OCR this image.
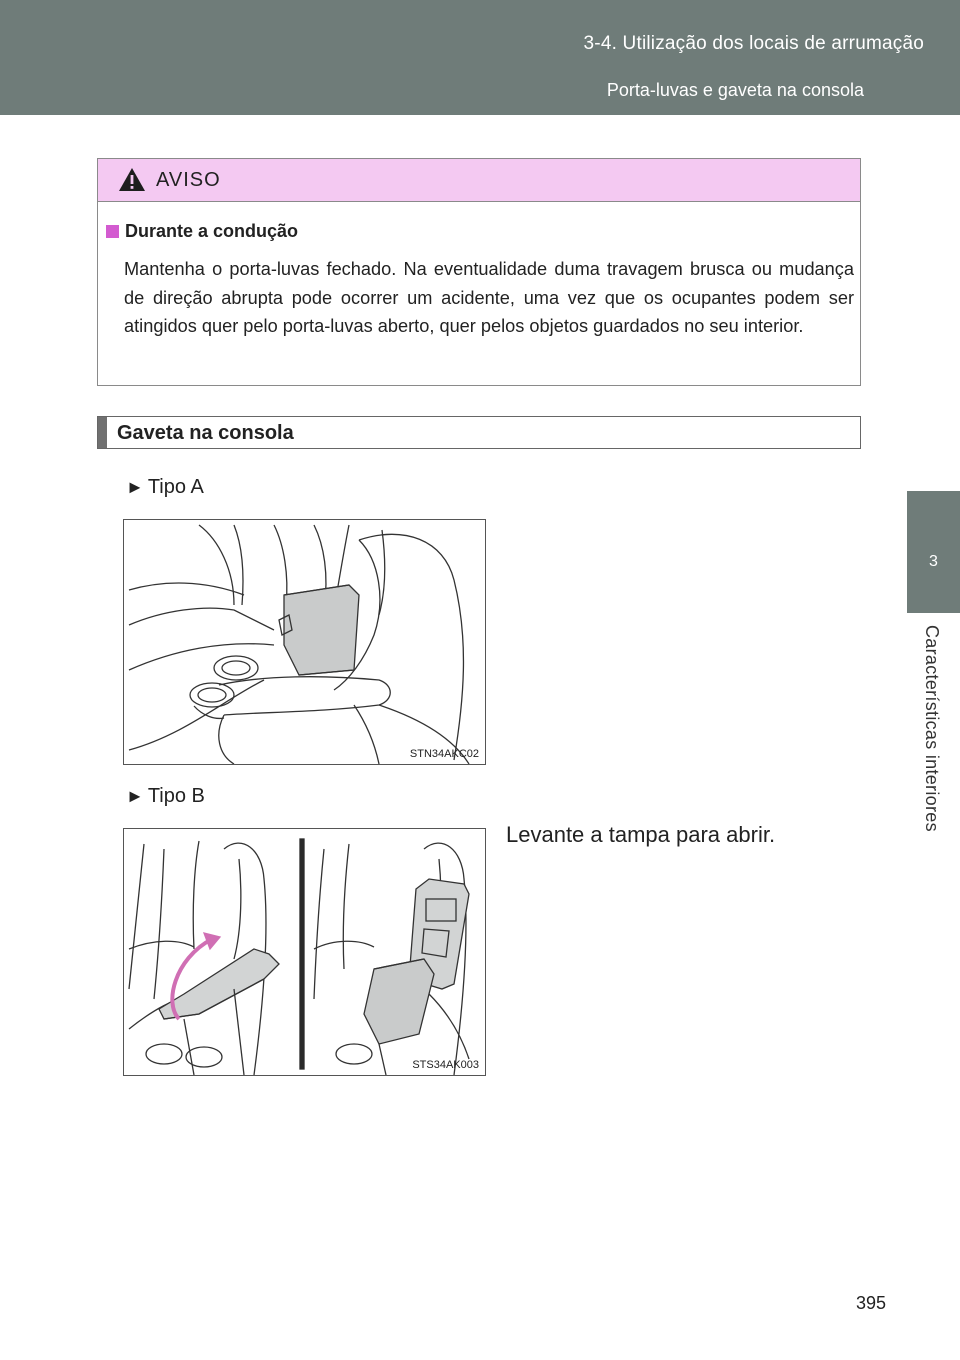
3-4. Utilização dos locais de arrumação
Porta-luvas e gaveta na consola
3
Características interiores
AVISO
Durante a condução
Mantenha o porta-luvas fechado. Na eventualidade duma travagem brusca ou mudança de direção abrupta pode ocorrer um acidente, uma vez que os ocupantes podem ser atingidos quer pelo porta-luvas aberto, quer pelos objetos guardados no seu interior.
Gaveta na consola
► Tipo A
STN34AKC02
► Tipo B
STS34AK003
Levante a tampa para abrir.
395
